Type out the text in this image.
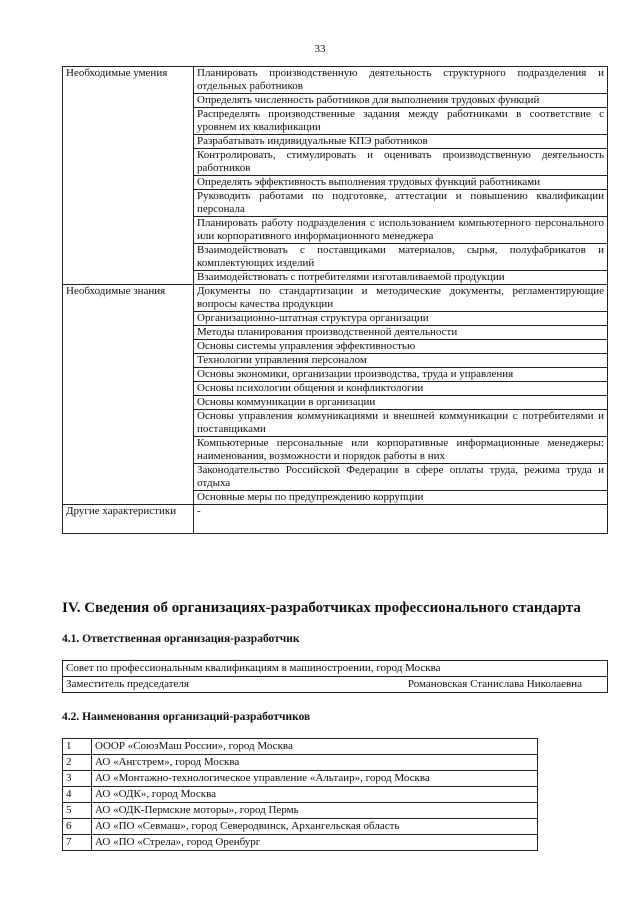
33
Необходимые умения	Планировать производственную деятельность структурного подразделения и отдельных работников
	Определять численность работников для выполнения трудовых функций
	Распределять производственные задания между работниками в соответствие с уровнем их квалификации
	Разрабатывать индивидуальные КПЭ работников
	Контролировать, стимулировать и оценивать производственную деятельность работников
	Определять эффективность выполнения трудовых функций работниками
	Руководить работами по подготовке, аттестации и повышению квалификации персонала
	Планировать работу подразделения с использованием компьютерного персонального или корпоративного информационного менеджера
	Взаимодействовать с поставщиками материалов, сырья, полуфабрикатов и комплектующих изделий
	Взаимодействовать с потребителями изготавливаемой продукции
Необходимые знания	Документы по стандартизации и методические документы, регламентирующие вопросы качества продукции
	Организационно-штатная структура организации
	Методы планирования производственной деятельности
	Основы системы управления эффективностью
	Технологии управления персоналом
	Основы экономики, организации производства, труда и управления
	Основы психологии общения и конфликтологии
	Основы коммуникации в организации
	Основы управления коммуникациями и внешней коммуникации с потребителями и поставщиками
	Компьютерные персональные или корпоративные информационные менеджеры: наименования, возможности и порядок работы в них
	Законодательство Российской Федерации в сфере оплаты труда, режима труда и отдыха
	Основные меры по предупреждению коррупции
Другие характеристики	-
IV. Сведения об организациях-разработчиках профессионального стандарта
4.1. Ответственная организация-разработчик
Совет по профессиональным квалификациям в машиностроении, город Москва
Заместитель председателя	Романовская Станислава Николаевна
4.2. Наименования организаций-разработчиков
1	ОООР «СоюзМаш России», город Москва
2	АО «Ангстрем», город Москва
3	АО «Монтажно-технологическое управление «Альтаир», город Москва
4	АО «ОДК», город Москва
5	АО «ОДК-Пермские моторы», город Пермь
6	АО «ПО «Севмаш», город Северодвинск, Архангельская область
7	АО «ПО «Стрела», город Оренбург
